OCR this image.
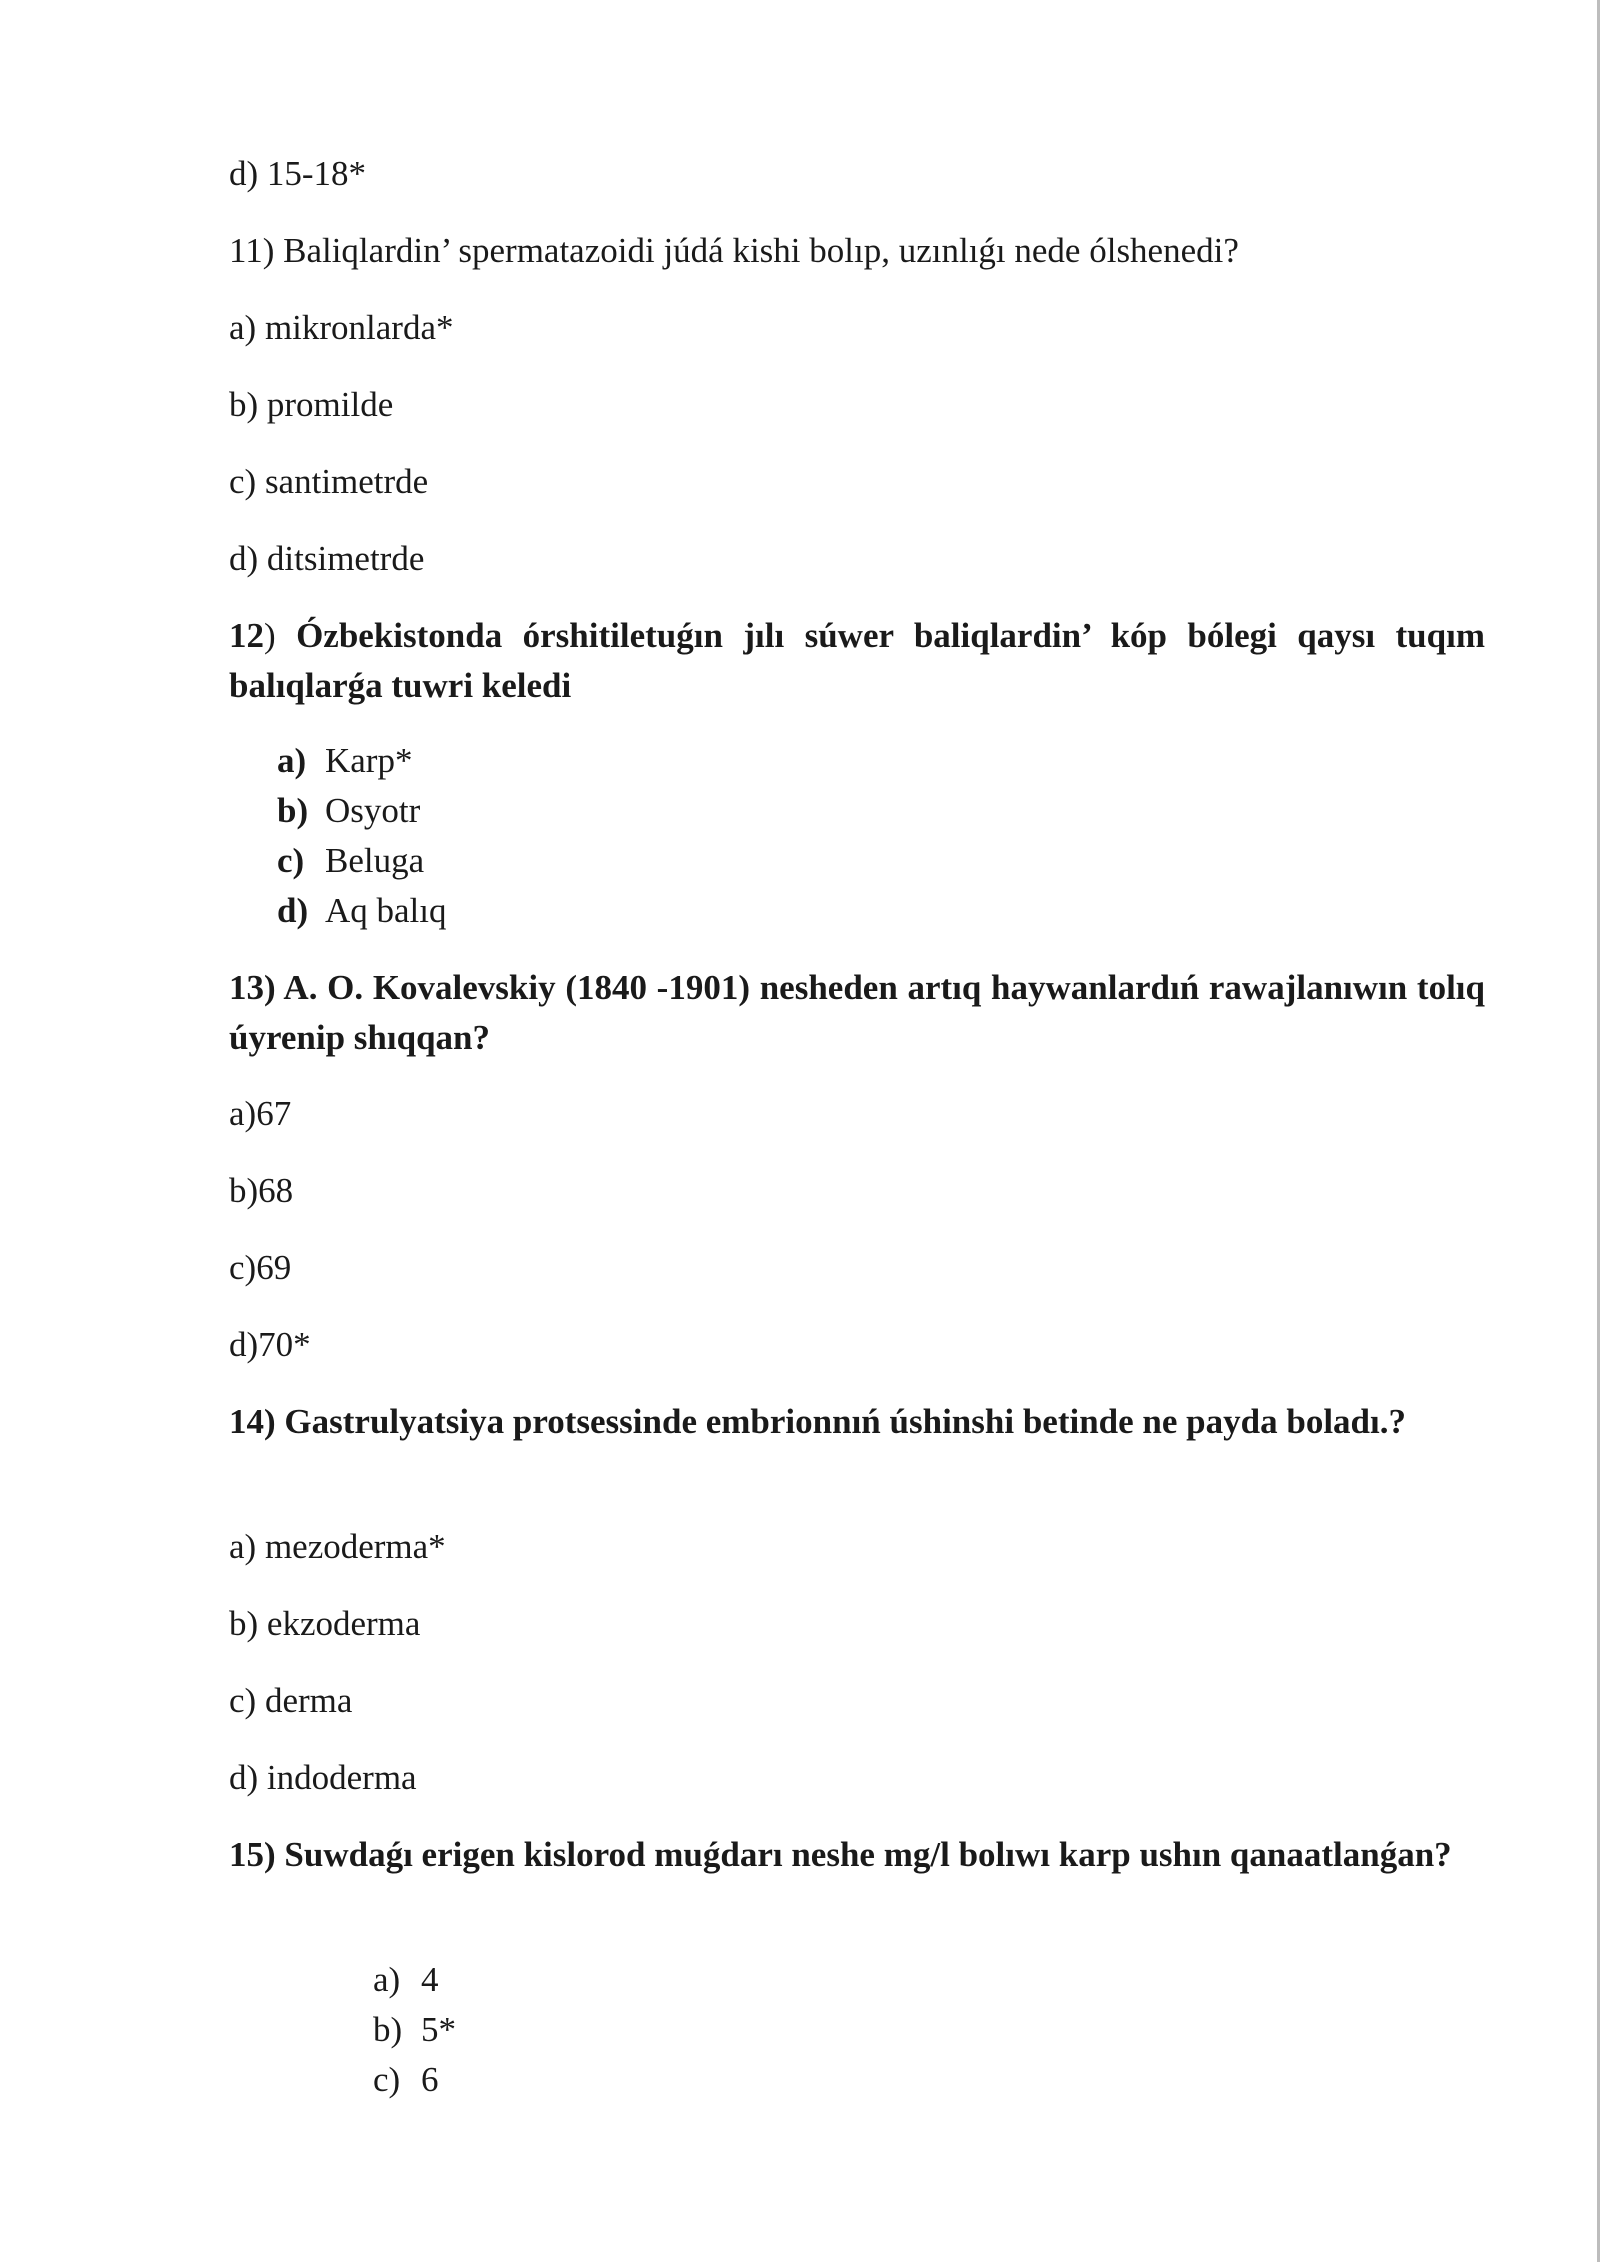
d) 15-18*
11) Baliqlardin’ spermatazoidi júdá kishi bolıp, uzınlıǵı nede ólshenedi?
a) mikronlarda*
b) promilde
c) santimetrde
d) ditsimetrde
12) Ózbekistonda órshitiletuǵın jılı súwer baliqlardin’ kóp bólegi qaysı tuqım balıqlarǵa tuwri keledi
a) Karp*
b) Osyotr
c) Beluga
d) Aq balıq
13) A. O. Kovalevskiy (1840 -1901) nesheden artıq haywanlardıń rawajlanıwın tolıq úyrenip shıqqan?
a)67
b)68
c)69
d)70*
14) Gastrulyatsiya protsessinde embrionnıń úshinshi betinde ne payda boladı.?
a) mezoderma*
b) ekzoderma
c) derma
d) indoderma
15) Suwdaǵı erigen kislorod muǵdarı neshe mg/l bolıwı karp ushın qanaatlanǵan?
a) 4
b) 5*
c) 6
